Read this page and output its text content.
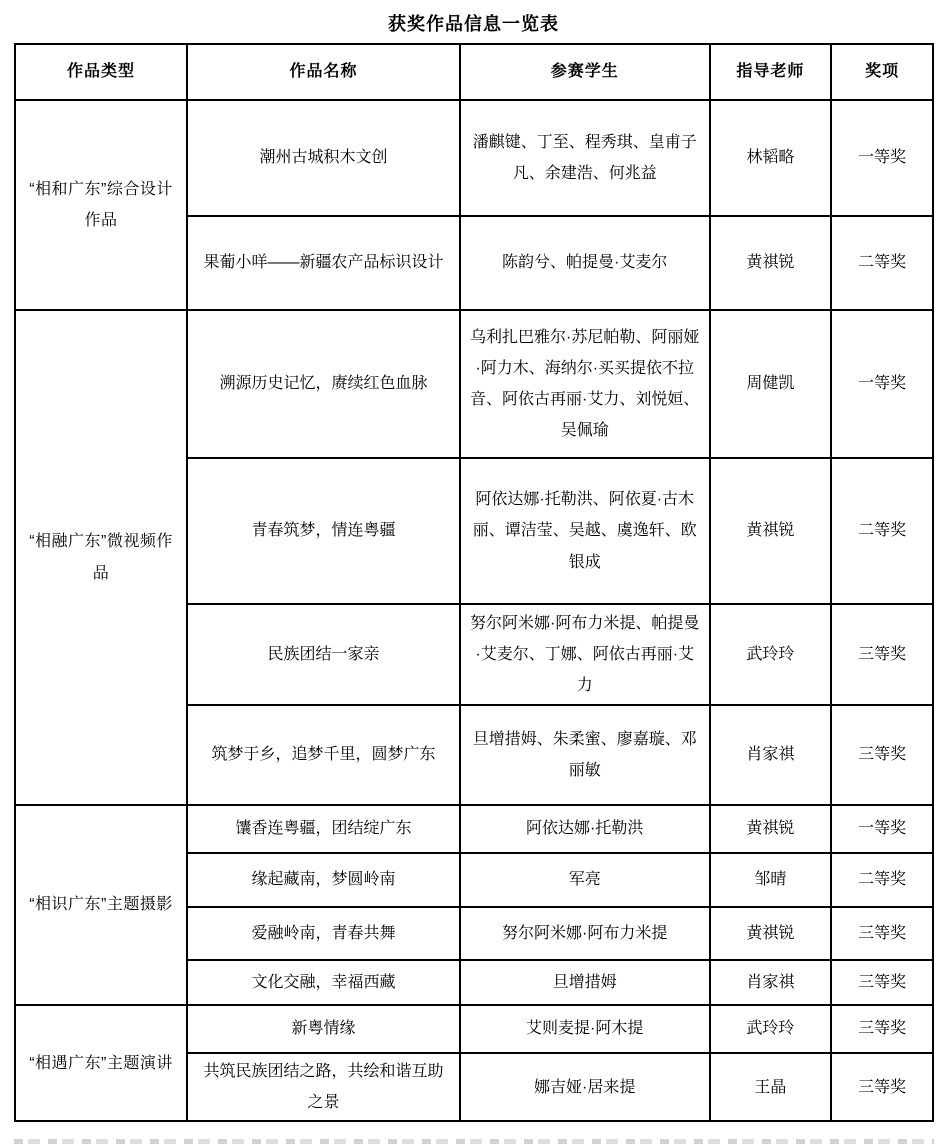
获奖作品信息一览表
作品类型	作品名称	参赛学生	指导老师	奖项
“相和广东”综合设计作品	潮州古城积木文创	潘麒键、丁至、程秀琪、皇甫子凡、余建浩、何兆益	林韬略	一等奖
	果葡小咩——新疆农产品标识设计	陈韵兮、帕提曼·艾麦尔	黄祺锐	二等奖
“相融广东”微视频作品	溯源历史记忆，赓续红色血脉	乌利扎巴雅尔·苏尼帕勒、阿丽娅·阿力木、海纳尔·买买提依不拉音、阿依古再丽·艾力、刘悦姮、吴佩瑜	周健凯	一等奖
	青春筑梦，情连粤疆	阿依达娜·托勒洪、阿依夏·古木丽、谭洁莹、吴越、虞逸轩、欧银成	黄祺锐	二等奖
	民族团结一家亲	努尔阿米娜·阿布力米提、帕提曼·艾麦尔、丁娜、阿依古再丽·艾力	武玲玲	三等奖
	筑梦于乡，追梦千里，圆梦广东	旦增措姆、朱柔蜜、廖嘉璇、邓丽敏	肖家祺	三等奖
“相识广东”主题摄影	馕香连粤疆，团结绽广东	阿依达娜·托勒洪	黄祺锐	一等奖
	缘起藏南，梦圆岭南	军亮	邹晴	二等奖
	爱融岭南，青春共舞	努尔阿米娜·阿布力米提	黄祺锐	三等奖
	文化交融，幸福西藏	旦增措姆	肖家祺	三等奖
“相遇广东”主题演讲	新粤情缘	艾则麦提·阿木提	武玲玲	三等奖
	共筑民族团结之路，共绘和谐互助之景	娜吉娅·居来提	王晶	三等奖
